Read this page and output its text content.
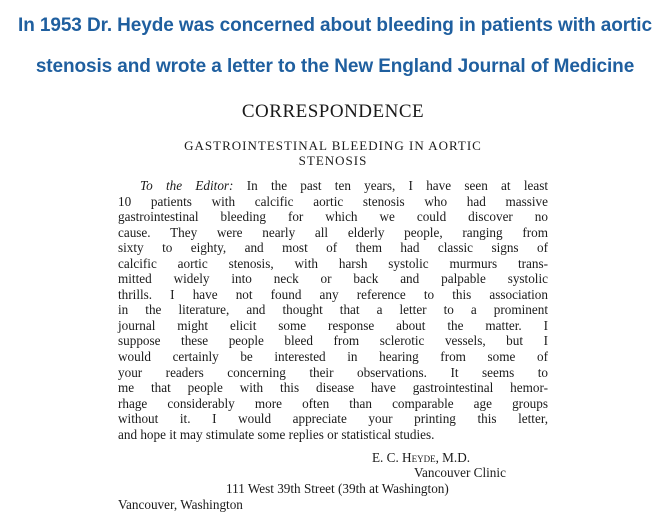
In 1953 Dr. Heyde was concerned about bleeding in patients with aortic
stenosis and wrote a letter to the New England Journal of Medicine
CORRESPONDENCE
GASTROINTESTINAL BLEEDING IN AORTIC
STENOSIS
To the Editor: In the past ten years, I have seen at least
10 patients with calcific aortic stenosis who had massive
gastrointestinal bleeding for which we could discover no
cause. They were nearly all elderly people, ranging from
sixty to eighty, and most of them had classic signs of
calcific aortic stenosis, with harsh systolic murmurs trans-
mitted widely into neck or back and palpable systolic
thrills. I have not found any reference to this association
in the literature, and thought that a letter to a prominent
journal might elicit some response about the matter. I
suppose these people bleed from sclerotic vessels, but I
would certainly be interested in hearing from some of
your readers concerning their observations. It seems to
me that people with this disease have gastrointestinal hemor-
rhage considerably more often than comparable age groups
without it. I would appreciate your printing this letter,
and hope it may stimulate some replies or statistical studies.
E. C. Heyde, M.D.
Vancouver Clinic
111 West 39th Street (39th at Washington)
Vancouver, Washington
